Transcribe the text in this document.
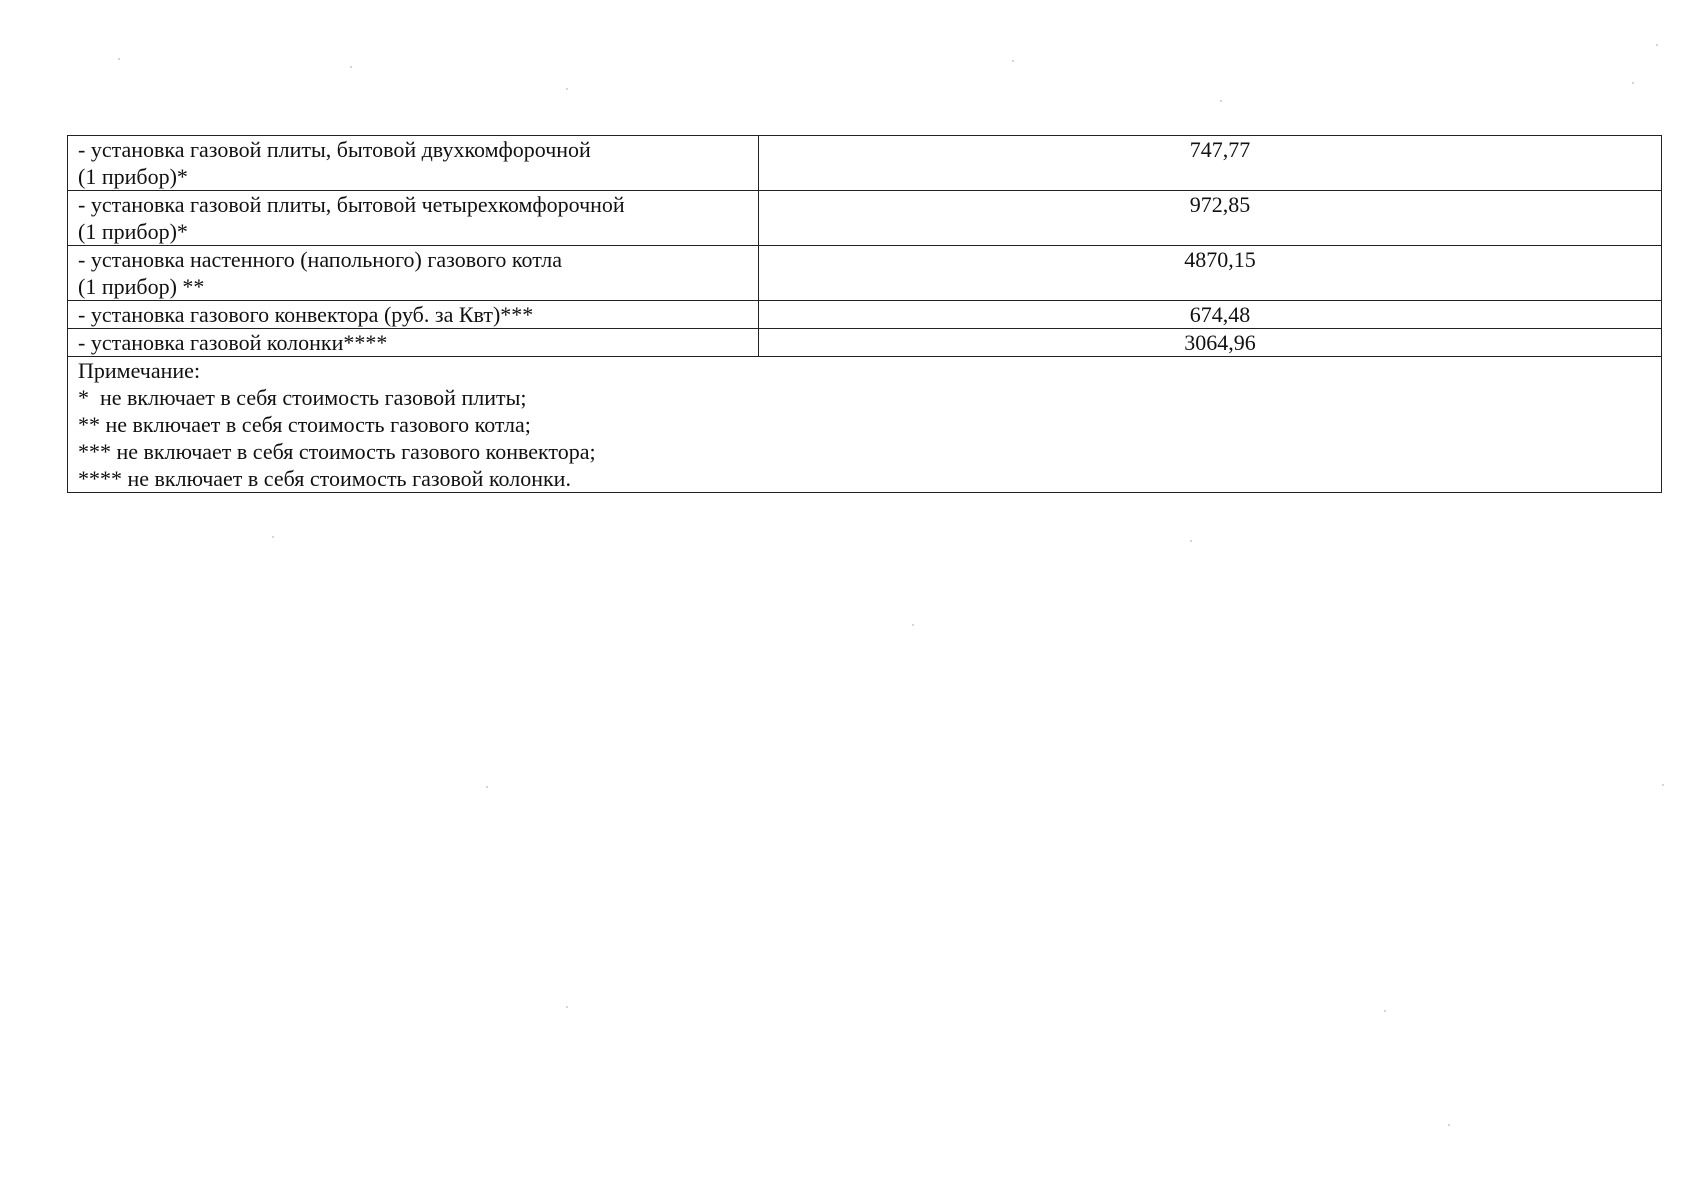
- установка газовой плиты, бытовой двухкомфорочной
(1 прибор)*	747,77

- установка газовой плиты, бытовой четырехкомфорочной
(1 прибор)*	972,85

- установка настенного (напольного) газового котла
(1 прибор) **	4870,15

- установка газового конвектора (руб. за Квт)***	674,48

- установка газовой колонки****	3064,96

Примечание:
*  не включает в себя стоимость газовой плиты;
** не включает в себя стоимость газового котла;
*** не включает в себя стоимость газового конвектора;
**** не включает в себя стоимость газовой колонки.	
